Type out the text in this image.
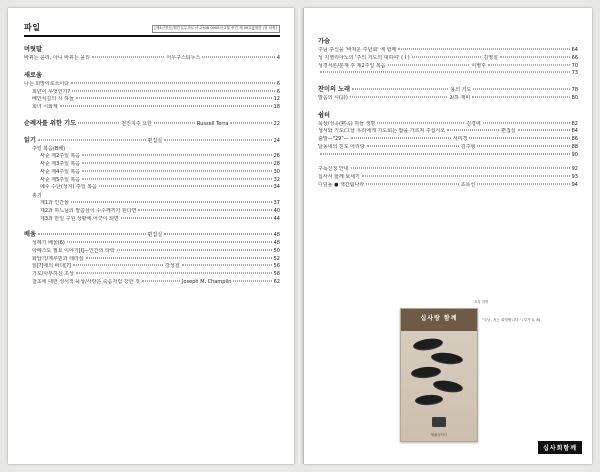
파일	[제4산천동/월간실무외로 마-2508.0905산 2월 중간 제 59호][계품 (첫 날짜)
머릿말
바뀌는 윤리, 아니 바뀌는 윤리	아우구스티누스	4
새로움
나는 희망이로소이다	6
희년이 무엇인가?	6
배인치길의 시 하늘	12
희녀 시화계	18
순례자를 위한 기도	천진지주 요한	Russell Terra	22
읽기	편집실	24
주일 복음(B해)
사순 제2주일 복음	26
사순 제3주일 복음	28
사순 제4주일 복음	30
사순 제5주일 복음	32
예수 수난(성지) 주일 복음	34
총기
제1과 인간율	37
제2과 하느님의 말씀삼이 수수께끼가 된다면	40
제3과 만일 구원 상황에 어긋이 되면	44
배움	편집실	48
성례기 배울(6)	48
아베스도 필요 이야기[I]—인간의 타락	50
화답기/계루민과 테라심	52
읽[?]에의 바다[?]	강성철	56
기도/사부하신 초상	58
찰초에 대한 성서적 묵상/사랑은 죽음처럼 강한 것	Joseph M. Champlin	62
가슴
주님 주신을 '바쳐온 주년회' 에 함께	64
성 지젤리아노의 '주의 기도의 대하여' ( I )	김영설	66
성경서론/분재 후 제2주일 복음	이병후	70
73
찬미의 노래	용의 기도	78
말음의 시(詩)	최하 재비	80
쉼터
묵상/성곡(黙곡) 하늘 생명	김경애	82
성서와 기도/그날 우리에게 기도회는 밥을 가르쳐 주십시오	편집실	84
출발—"29"—	서미경	86
달동네의 친도 아리랑	김주형	88
90
구독신청 안내	92
십사서 함께 보세기	93
디딤돌 ● 책간팀나라	초록선	94
표지 설명
십사랑 함께
생활성서사
"주님, 저는 희망합니다." (루가 5, 8)
십사회함께
